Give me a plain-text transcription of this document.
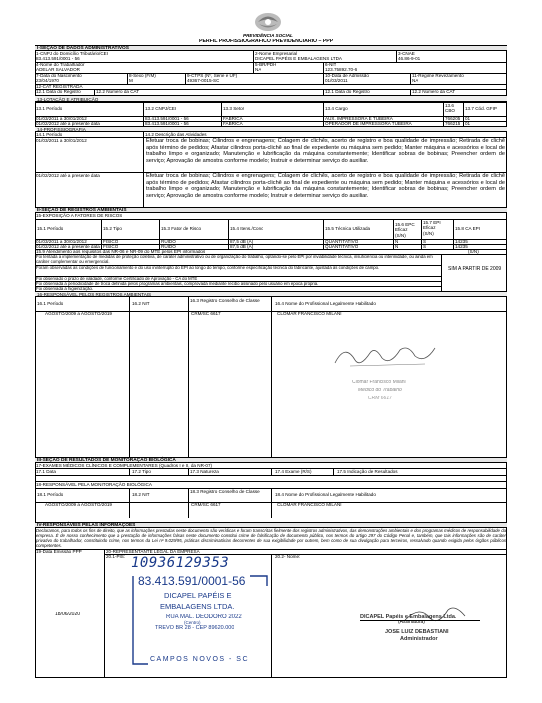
PREVIDÊNCIA SOCIAL
PERFIL PROFISSIOGRÁFICO PREVIDENCIÁRIO – PPP
I-SEÇÃO DE DADOS ADMINISTRATIVOS
1-CNPJ do Domicílio Tributário/CEI
83.413.591/0001 - 56
2-Nome Empresarial
DICAPEL PAPÉIS E EMBALAGENS LTDA
3-CNAE
46.86-9-01
4-Nome do Trabalhador
ADELAR SALVADOR
5-BR/PDH
NA
6-NIT
123.75892.70-6
7-Data do Nascimento
23/04/1970
8-Sexo (F/M)
M
9-CTPS (Nº, Série e UF)
49367-0015-SC
10-Data de Admissão
01/03/2011
11-Regime Revezamento
NA
12-CAT REGISTRADA
12.1 Data do Registro	12.2 Número da CAT	12.1 Data do Registro	12.2 Número da CAT
13-LOTAÇÃO E ATRIBUIÇÃO
13.1 Período	13.2 CNPJ/CEI	13.3 Setor	13.4 Cargo
13.6 CBO	13.7 Cód. GFIP
01/03/2011 a 30/01/2012	83.413.591/0001 - 56	FABRICA	AUX. IMPRESSORA E TUBEIRA	766205 01
01/02/2012 até a presente data	83.413.591/0001 - 56	FABRICA	OPERADOR DE IMPRESSORA TUBEIRA	766215 01
14-PROFISSIOGRAFIA
14.1 Período	14.2 Descrição das Atividades
01/03/2011 a 30/01/2012	Efetuar troca de bobinas; Cilindros e engrenagens; Colagem de clichês, acerto de registro e boa qualidade de impressão; Retirada de clichê após término de pedidos; Afastar cilindros porta-clichê ao final de expediente ou máquina sem pedido; Manter máquina e acessórios e local de trabalho limpo e organizado; Manutenção e lubrificação da máquina constantemente; Identificar sobras de bobinas; Preencher ordem de serviço; Aprovação de amostra conforme modelo; Instruir e determinar serviço do auxiliar.
01/02/2012 até a presente data	Efetuar troca de bobinas; Cilindros e engrenagens; Colagem de clichês, acerto de registro e boa qualidade de impressão; Retirada de clichê após término de pedidos; Afastar cilindros porta-clichê ao final de expediente ou máquina sem pedido; Manter máquina e acessórios e local de trabalho limpo e organizado; Manutenção e lubrificação da máquina constantemente; Identificar sobras de bobinas; Preencher ordem de serviço; Aprovação de amostra conforme modelo; Instruir e determinar serviço do auxiliar.
II-SEÇÃO DE REGISTROS AMBIENTAIS
15-EXPOSIÇÃO A FATORES DE RISCOS
15.1 Período	15.2 Tipo	15.3 Fator de Risco	15.4 Itens./Conc	15.5 Técnica Utilizada
15.6 EPC Eficaz (S/N)
15.7 EPI Eficaz (S/N)
15.8 CA EPI
01/03/2011 a 30/01/2012	FISICO	RUIDO	87,5 dB (A)	QUANTITATIVO	N	S	14235
01/02/2012 até a presente data FISICO	RUIDO	87,5 dB (A)	QUANTITATIVO	N	S	14235
15.9 Atendimento aos requisitos das NR-06 e NR-09 do MTE pelos EPI informados	(S/N)
Foi tentada a implementação de medidas de proteção coletiva, de caráter administrativo ou de organização do trabalho, optando-se pelo EPI por inviabilidade técnica, insuficiência ou interinidade, ou ainda em caráter complementar ou emergencial.
Foram observadas as condições de funcionamento e do uso ininterrupto do EPI ao longo do tempo, conforme especificação técnica do fabricante, ajustada às condições de campo.
Foi observado o prazo de validade, conforme Certificado de Aprovação - CA do MTE
Foi observada a periodicidade de troca definida pelos programas ambientais, comprovada mediante recibo assinado pelo usuário em época própria.
Foi observada a higienização.
SIM A PARTIR DE 2009
16-RESPONSÁVEL PELOS REGISTROS AMBIENTAIS
16.1 Período	16.2 NIT
16.3 Registro Conselho de Classe
16.4 Nome do Profissional Legalmente Habilitado
AGOSTO/2009 a AGOSTO/2019	CRM/SC 6617	CLOMAR FRANCISCO MILANI
Clomar Francisco Milani
Médico do Trabalho
CRM 6617
III-SEÇÃO DE RESULTADOS DE MONITORAÇÃO BIOLÓGICA
17-EXAMES MÉDICOS CLÍNICOS E COMPLEMENTARES (Quadros I e II, da NR-07)
17.1 Data	17.2 Tipo	17.3 Natureza	17.4 Exame (R/S)	17.5 Indicação de Resultados
18-RESPONSÁVEL PELA MONITORAÇÃO BIOLÓGICA
18.1 Período	18.2 NIT
18.3 Registro Conselho de Classe
18.4 Nome do Profissional Legalmente Habilitado
AGOSTO/2009 a AGOSTO/2019	CRM/SC 6617	CLOMAR FRANCISCO MILANI
IV-RESPONSÁVEIS PELAS INFORMAÇÕES
Declaramos, para todos os fins de direito, que as informações prestadas neste documento são verídicas e foram transcritas fielmente dos registros administrativos, das demonstrações ambientais e dos programas médicos de responsabilidade da empresa. É de nosso conhecimento que a prestação de informações falsas neste documento constitui crime de falsificação de documento público, nos termos do artigo 297 do Código Penal e, também, que tais informações são de caráter privativo do trabalhador, constituindo crime, nos termos da Lei nº 9.029/95, práticas discriminatórias decorrentes de sua exigibilidade por outrem, bem como de sua divulgação para terceiros, ressalvado quando exigida pelos órgãos públicos competentes.
19-Data Emissão PPP	20-REPRESENTANTE LEGAL DA EMPRESA
20.1-PIS:	20.2- Nome:
10936129353
18/06/2020
83.413.591/0001-56
DICAPEL PAPÉIS E
EMBALAGENS LTDA.
RUA MAL. DEODORO 2022
(Centro)
TREVO BR 28 - CEP 89620.000
CAMPOS NOVOS - SC
DICAPEL Papéis e Embalagens Ltda.
(Assinatura)
JOSÉ LUIZ DEBASTIANI
Administrador
